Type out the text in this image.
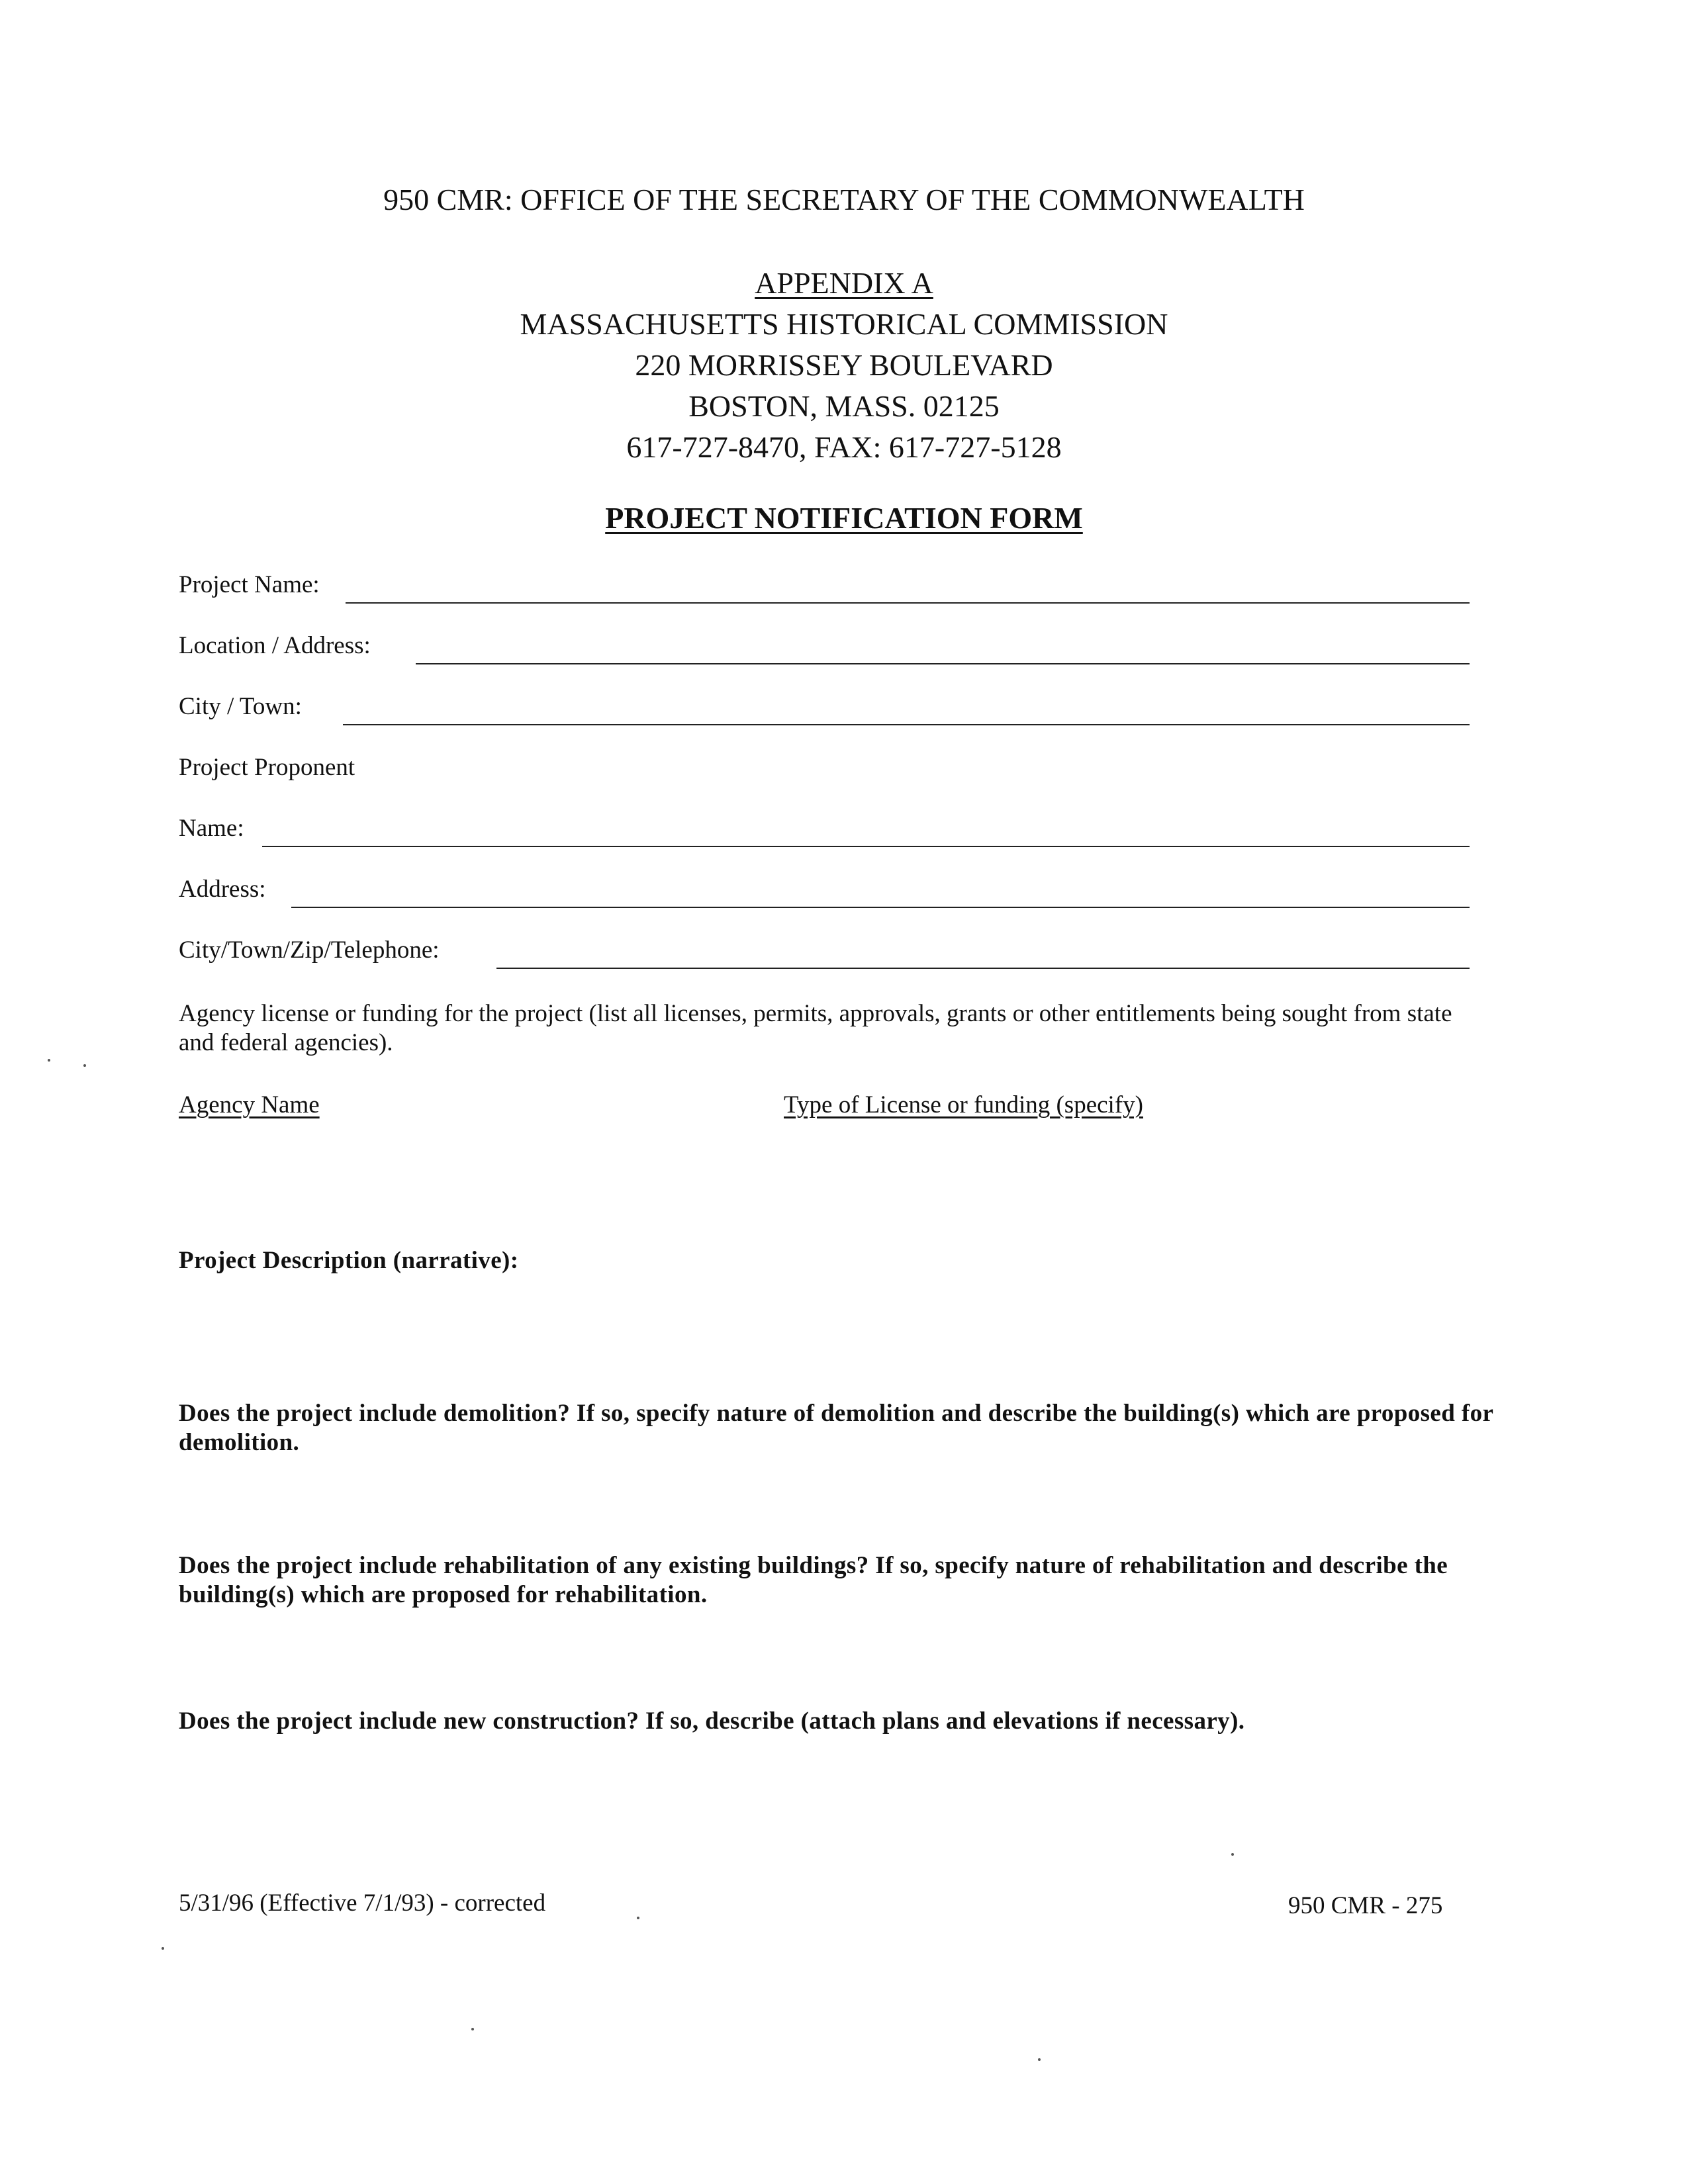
950 CMR: OFFICE OF THE SECRETARY OF THE COMMONWEALTH
APPENDIX A
MASSACHUSETTS HISTORICAL COMMISSION
220 MORRISSEY BOULEVARD
BOSTON, MASS. 02125
617-727-8470, FAX: 617-727-5128
PROJECT NOTIFICATION FORM
Project Name:
Location / Address:
City / Town:
Project Proponent
Name:
Address:
City/Town/Zip/Telephone:
Agency license or funding for the project (list all licenses, permits, approvals, grants or other entitlements being sought from state and federal agencies).
Agency Name	Type of License or funding (specify)
Project Description (narrative):
Does the project include demolition? If so, specify nature of demolition and describe the building(s) which are proposed for demolition.
Does the project include rehabilitation of any existing buildings? If so, specify nature of rehabilitation and describe the building(s) which are proposed for rehabilitation.
Does the project include new construction? If so, describe (attach plans and elevations if necessary).
5/31/96 (Effective 7/1/93) - corrected	950 CMR - 275
